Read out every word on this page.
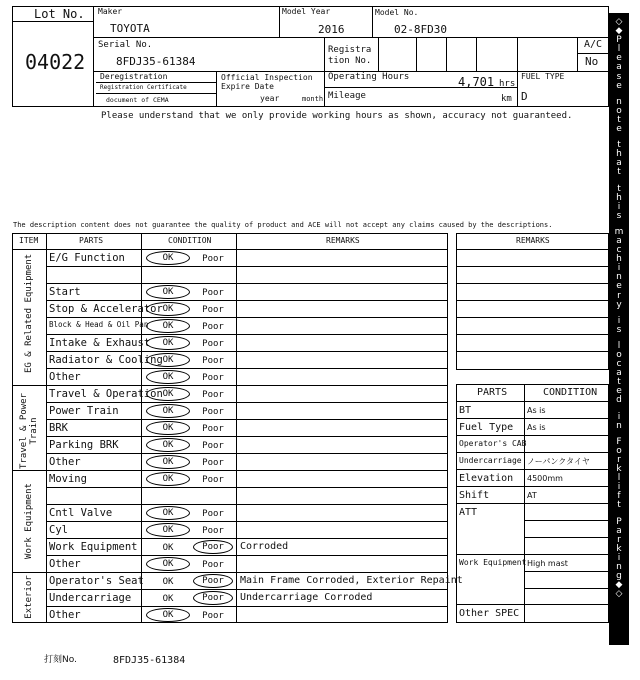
Lot No.
04022
Maker
TOYOTA
Model Year
2016
Model No.
02-8FD30
Serial No.
8FDJ35-61384
Registration No.
A/C
No
Deregistration
Registration Certificate
document of CEMA
Official Inspection Expire Date
year	month
Operating Hours	4,701 hrs
Mileage	km
FUEL TYPE
D
Please understand that we only provide working hours as shown, accuracy not guaranteed.
The description content does not guarantee the quality of product and ACE will not accept any claims caused by the descriptions.
ITEM	PARTS	CONDITION	REMARKS
EG & Related Equipment
Travel & Power Train
Work Equipment
Exterior
E/G Function	OK	Poor
Start	OK	Poor
Stop & Accelerator OK	Poor
Block & Head & Oil Pan	OK	Poor
Intake & Exhaust	OK	Poor
Radiator & Cooling OK	Poor
Other	OK	Poor
Travel & Operation OK	Poor
Power Train	OK	Poor
BRK	OK	Poor
Parking BRK	OK	Poor
Other	OK	Poor
Moving	OK	Poor
Cntl Valve	OK	Poor
Cyl	OK	Poor
Work Equipment	OK	Poor	Corroded
Other	OK	Poor
Operator's Seat	OK	Poor	Main Frame Corroded, Exterior Repaint
Undercarriage	OK	Poor	Undercarriage Corroded
Other	OK	Poor
REMARKS
PARTS	CONDITION
BT	As is
Fuel Type As is
Operator's CAB
Undercarriage ノーパンクタイヤ
Elevation 4500mm
Shift	AT
ATT
Work Equipment High mast
Other SPEC
◇
◆
P
l
e
a
s
e
n
o
t
e
t
h
a
t
t
h
i
s
m
a
c
h
i
n
e
r
y
i
s
l
o
c
a
t
e
d
i
n
F
o
r
k
l
i
f
t
P
a
r
k
i
n
g
◆
◇
打刻No.	8FDJ35-61384
